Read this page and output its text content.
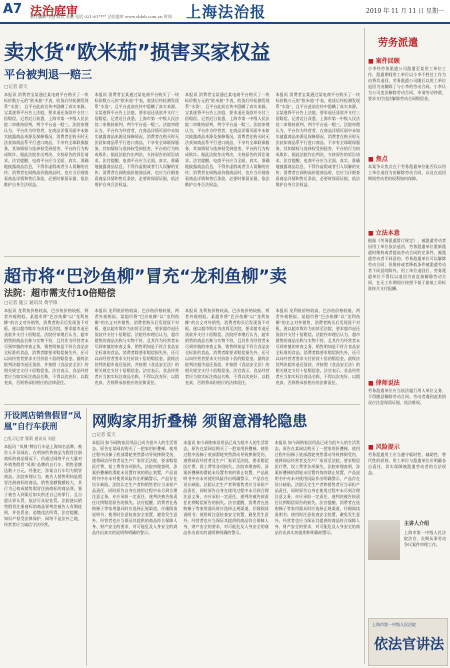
A7 法治庭审
责任编辑 李慧 版式 张晓 电话 021-61**** 法治庭审 www.shfzb.com.cn 时间 上海法治报	2019 年 11 月 11 日 星期一
卖水货“欧米茄”损害买家权益
平台被判退一赔三
□记者 翟天
本报讯 消费者宝某通过某电商平台购买了一块标价数万元的“欧米茄”手表，收货后经检测发现系“水货”，且平台此前宣传中隐瞒了真实来源。宝某遂将平台告上法庭，要求退还货款并支付三倍赔偿。记者近日获悉，上海市第一中级人民法院二审维持原判，判令平台退一赔三。法院审理认为，平台作为经营者，在商品详情页面中未如实披露商品来源及保修情况，消费者在购买时无法获知商品系平行进口商品，不享有全球联保服务，其知情权与选择权受到侵害，平台的行为构成欺诈。据此法院作出判决，支持原告的诉讼请求。法官提醒，电商平台应当全面、真实、准确地披露商品信息，不得作虚假或者引人误解的宣传；消费者在网购高价值商品时，也应当仔细查看商品详情和售后条款，必要时保留证据，依法维护自身合法权益。
本报讯 消费者宝某通过某电商平台购买了一块标价数万元的“欧米茄”手表，收货后经检测发现系“水货”，且平台此前宣传中隐瞒了真实来源。宝某遂将平台告上法庭，要求退还货款并支付三倍赔偿。记者近日获悉，上海市第一中级人民法院二审维持原判，判令平台退一赔三。法院审理认为，平台作为经营者，在商品详情页面中未如实披露商品来源及保修情况，消费者在购买时无法获知商品系平行进口商品，不享有全球联保服务，其知情权与选择权受到侵害，平台的行为构成欺诈。据此法院作出判决，支持原告的诉讼请求。法官提醒，电商平台应当全面、真实、准确地披露商品信息，不得作虚假或者引人误解的宣传；消费者在网购高价值商品时，也应当仔细查看商品详情和售后条款，必要时保留证据，依法维护自身合法权益。
本报讯 消费者宝某通过某电商平台购买了一块标价数万元的“欧米茄”手表，收货后经检测发现系“水货”，且平台此前宣传中隐瞒了真实来源。宝某遂将平台告上法庭，要求退还货款并支付三倍赔偿。记者近日获悉，上海市第一中级人民法院二审维持原判，判令平台退一赔三。法院审理认为，平台作为经营者，在商品详情页面中未如实披露商品来源及保修情况，消费者在购买时无法获知商品系平行进口商品，不享有全球联保服务，其知情权与选择权受到侵害，平台的行为构成欺诈。据此法院作出判决，支持原告的诉讼请求。法官提醒，电商平台应当全面、真实、准确地披露商品信息，不得作虚假或者引人误解的宣传；消费者在网购高价值商品时，也应当仔细查看商品详情和售后条款，必要时保留证据，依法维护自身合法权益。
本报讯 消费者宝某通过某电商平台购买了一块标价数万元的“欧米茄”手表，收货后经检测发现系“水货”，且平台此前宣传中隐瞒了真实来源。宝某遂将平台告上法庭，要求退还货款并支付三倍赔偿。记者近日获悉，上海市第一中级人民法院二审维持原判，判令平台退一赔三。法院审理认为，平台作为经营者，在商品详情页面中未如实披露商品来源及保修情况，消费者在购买时无法获知商品系平行进口商品，不享有全球联保服务，其知情权与选择权受到侵害，平台的行为构成欺诈。据此法院作出判决，支持原告的诉讼请求。法官提醒，电商平台应当全面、真实、准确地披露商品信息，不得作虚假或者引人误解的宣传；消费者在网购高价值商品时，也应当仔细查看商品详情和售后条款，必要时保留证据，依法维护自身合法权益。
超市将“巴沙鱼柳”冒充“龙利鱼柳”卖
法院：超市需支付10倍赔偿
□记者 施云 通讯员 黄学锋
本报讯 龙利鱼价格较高，巴沙鱼价格较低，两者外观相似。某超市将“巴沙鱼柳”以“龙利鱼柳”的名义对外销售，消费者购买后发现货不对板，遂以超市欺诈为由诉至法院，要求超市退还货款并支付十倍赔偿。法院经审理后认为，超市销售的商品名称与实物不符，且其作为经营者未尽到审慎的审查义务，销售明知是不符合食品安全标准的食品，消费者除要求赔偿损失外，还可以向经营者要求支付价款十倍的赔偿金。最终法院判决超市退还货款，并按照《食品安全法》的相关规定支付十倍赔偿金。法官表示，食品经营者应当如实标注商品名称，不得以次充好、以假充真，否则将承担相应的法律责任。
本报讯 龙利鱼价格较高，巴沙鱼价格较低，两者外观相似。某超市将“巴沙鱼柳”以“龙利鱼柳”的名义对外销售，消费者购买后发现货不对板，遂以超市欺诈为由诉至法院，要求超市退还货款并支付十倍赔偿。法院经审理后认为，超市销售的商品名称与实物不符，且其作为经营者未尽到审慎的审查义务，销售明知是不符合食品安全标准的食品，消费者除要求赔偿损失外，还可以向经营者要求支付价款十倍的赔偿金。最终法院判决超市退还货款，并按照《食品安全法》的相关规定支付十倍赔偿金。法官表示，食品经营者应当如实标注商品名称，不得以次充好、以假充真，否则将承担相应的法律责任。
本报讯 龙利鱼价格较高，巴沙鱼价格较低，两者外观相似。某超市将“巴沙鱼柳”以“龙利鱼柳”的名义对外销售，消费者购买后发现货不对板，遂以超市欺诈为由诉至法院，要求超市退还货款并支付十倍赔偿。法院经审理后认为，超市销售的商品名称与实物不符，且其作为经营者未尽到审慎的审查义务，销售明知是不符合食品安全标准的食品，消费者除要求赔偿损失外，还可以向经营者要求支付价款十倍的赔偿金。最终法院判决超市退还货款，并按照《食品安全法》的相关规定支付十倍赔偿金。法官表示，食品经营者应当如实标注商品名称，不得以次充好、以假充真，否则将承担相应的法律责任。
本报讯 龙利鱼价格较高，巴沙鱼价格较低，两者外观相似。某超市将“巴沙鱼柳”以“龙利鱼柳”的名义对外销售，消费者购买后发现货不对板，遂以超市欺诈为由诉至法院，要求超市退还货款并支付十倍赔偿。法院经审理后认为，超市销售的商品名称与实物不符，且其作为经营者未尽到审慎的审查义务，销售明知是不符合食品安全标准的食品，消费者除要求赔偿损失外，还可以向经营者要求支付价款十倍的赔偿金。最终法院判决超市退还货款，并按照《食品安全法》的相关规定支付十倍赔偿金。法官表示，食品经营者应当如实标注商品名称，不得以次充好、以假充真，否则将承担相应的法律责任。
开设网店销售假冒“凤凰”自行车获刑
□见习记者 翟莉 通讯员 刘意
本报讯 “凤凰”牌自行车是上海知名品牌。被告人开设网店，在明知所售商品为假冒注册商标的商品情况下，仍通过网络平台大量对外销售假冒“凤凰”品牌的自行车，销售金额达数十万元。经鉴定，涉案自行车均为假冒商品。法院审理认为，被告人销售明知是假冒注册商标的商品，销售金额数额较大，其行为已构成销售假冒注册商标的商品罪。鉴于被告人到案后如实供述自己的罪行，且自愿认罪认罚，依法可从轻处罚。法院遂以销售假冒注册商标的商品罪判处被告人有期徒刑，并处罚金，追缴违法所得。法官提醒，知识产权受法律保护，网络不是法外之地，经营者应当诚信守法经营。
网购家用折叠梯 须留意滑轮隐患
□记者 夏天
本报讯 如今网购家居用品已成为很多人的生活常态。原告在某网店购买了一把家用折叠梯，使用过程中因梯子底部滑轮突然滑动导致摔倒受伤，遂将网店经营者及生产厂家诉至法院，要求赔偿医疗费、误工费等各项损失。法院审理查明，涉案折叠梯的滑轮未设置有效的锁止装置，产品说明书中亦未对使用风险作出明确警示，产品存在设计缺陷。法院认定生产者和销售者应当承担产品责任，同时原告自身在使用过程中未尽到合理注意义务，亦应承担一定责任，遂判决被告按责任比例赔偿原告的损失。法官提醒，消费者在选购梯子等家用器具时应选择正规渠道，仔细阅读说明书；使用时注意检查安全装置，避免发生意外。经营者也应当保证其提供的商品符合保障人身、财产安全的要求，对可能危及人身安全的商品作出真实的说明和明确的警示。
本报讯 如今网购家居用品已成为很多人的生活常态。原告在某网店购买了一把家用折叠梯，使用过程中因梯子底部滑轮突然滑动导致摔倒受伤，遂将网店经营者及生产厂家诉至法院，要求赔偿医疗费、误工费等各项损失。法院审理查明，涉案折叠梯的滑轮未设置有效的锁止装置，产品说明书中亦未对使用风险作出明确警示，产品存在设计缺陷。法院认定生产者和销售者应当承担产品责任，同时原告自身在使用过程中未尽到合理注意义务，亦应承担一定责任，遂判决被告按责任比例赔偿原告的损失。法官提醒，消费者在选购梯子等家用器具时应选择正规渠道，仔细阅读说明书；使用时注意检查安全装置，避免发生意外。经营者也应当保证其提供的商品符合保障人身、财产安全的要求，对可能危及人身安全的商品作出真实的说明和明确的警示。
本报讯 如今网购家居用品已成为很多人的生活常态。原告在某网店购买了一把家用折叠梯，使用过程中因梯子底部滑轮突然滑动导致摔倒受伤，遂将网店经营者及生产厂家诉至法院，要求赔偿医疗费、误工费等各项损失。法院审理查明，涉案折叠梯的滑轮未设置有效的锁止装置，产品说明书中亦未对使用风险作出明确警示，产品存在设计缺陷。法院认定生产者和销售者应当承担产品责任，同时原告自身在使用过程中未尽到合理注意义务，亦应承担一定责任，遂判决被告按责任比例赔偿原告的损失。法官提醒，消费者在选购梯子等家用器具时应选择正规渠道，仔细阅读说明书；使用时注意检查安全装置，避免发生意外。经营者也应当保证其提供的商品符合保障人身、财产安全的要求，对可能危及人身安全的商品作出真实的说明和明确的警示。
劳务派遣
■ 案件回顾
小李经劳务派遣公司派遣至某用工单位工作，派遣期间用工单位以小李不胜任工作为由将其退回，劳务派遣公司随后以用工单位退回为由解除了与小李的劳动合同。小李认为公司违法解除劳动合同，申请劳动仲裁，要求支付违法解除劳动合同赔偿金。
■ 焦点
本案争议焦点在于劳务派遣单位能否仅以用工单位退回为由解除劳动合同，以及在退回期间劳动者的权利如何保障。
■ 立法本意
根据《劳务派遣暂行规定》，被派遣劳动者因用工单位依法退回，劳务派遣单位重新派遣时维持或者提高劳动合同约定条件，被派遣劳动者不同意的，劳务派遣单位可以解除劳动合同；但维持或者降低条件被派遣劳动者不同意的除外。用工单位退回后，劳务派遣单位不得仅以退回为由直接解除劳动合同，在无工作期间应按照不低于最低工资标准按月支付报酬。
■ 律师说法
劳务派遣单位应当依法履行用人单位义务，不得随意解除劳动合同。劳动者遇到此类情况应注意保留证据，依法维权。
■ 风险提示
劳务派遣用工应当遵守临时性、辅助性、替代性的原则，用工单位与派遣单位应明确各自责任，切实保障被派遣劳动者的合法权益。
主讲人介绍
上海市第一中级人民法院法官，长期从事劳动争议案件审理工作。
上海市第一中级人民法院
依法官讲法
